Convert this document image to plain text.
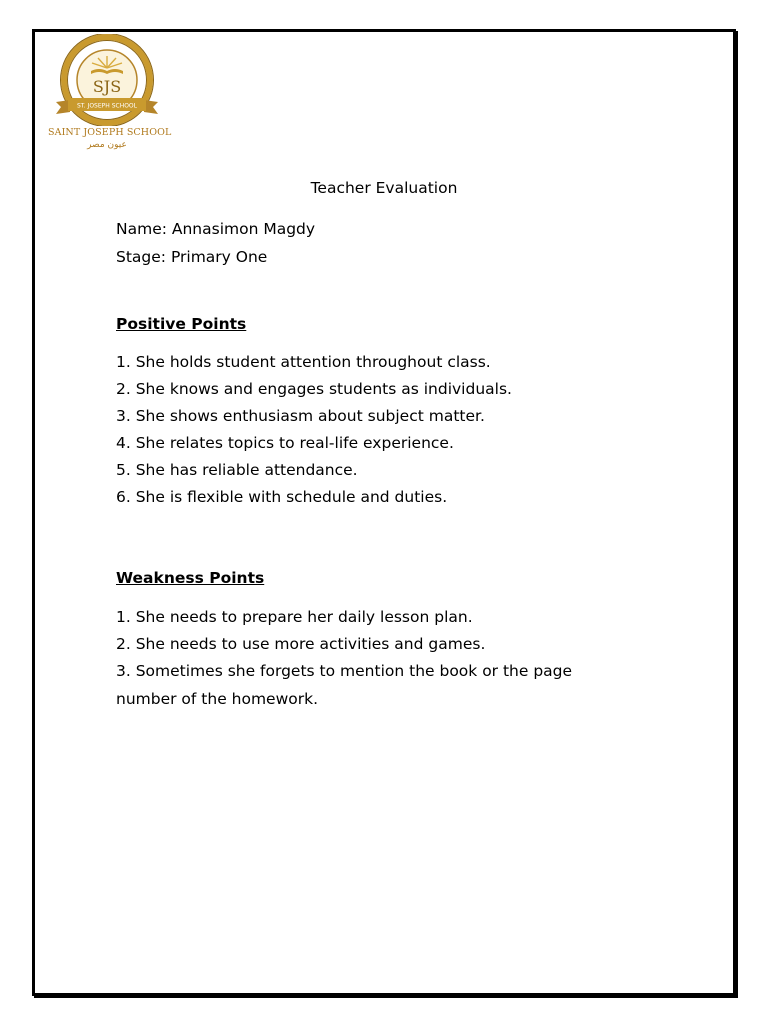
ST. JOSEPH SCHOOL
SJS
SAINT JOSEPH SCHOOL
عيون مصر
Teacher Evaluation
Name: Annasimon Magdy
Stage: Primary One
Positive Points
1. She holds student attention throughout class.
2. She knows and engages students as individuals.
3. She shows enthusiasm about subject matter.
4. She relates topics to real-life experience.
5. She has reliable attendance.
6. She is flexible with schedule and duties.
Weakness Points
1. She needs to prepare her daily lesson plan.
2. She needs to use more activities and games.
3. Sometimes she forgets to mention the book or the page
number of the homework.
